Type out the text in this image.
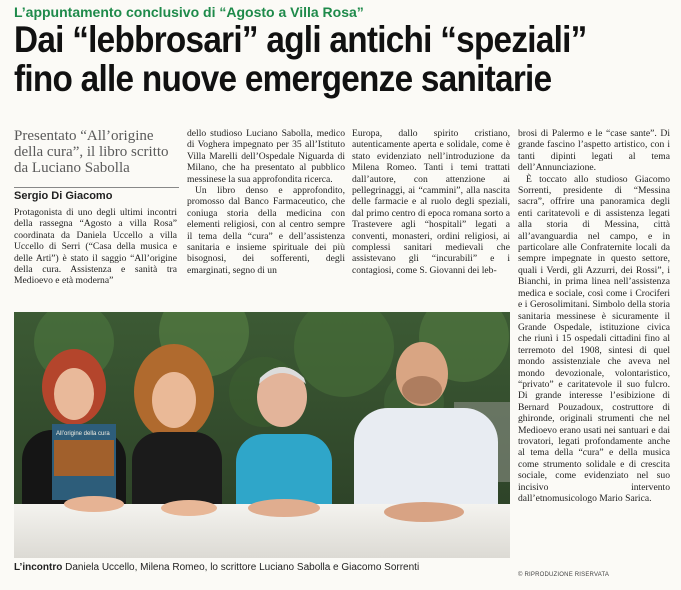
L’appuntamento conclusivo di “Agosto a Villa Rosa”
Dai “lebbrosari” agli antichi “speziali”
fino alle nuove emergenze sanitarie
Presentato “All’origine della cura”, il libro scritto da Luciano Sabolla
Sergio Di Giacomo

Protagonista di uno degli ultimi incontri della rassegna “Agosto a villa Rosa” coordinata da Daniela Uccello a villa Uccello di Serri (“Casa della musica e delle Arti”) è stato il saggio “All’origine della cura. Assistenza e sanità tra Medioevo e età moderna”

dello studioso Luciano Sabolla, medico di Voghera impegnato per 35 all’Istituto Villa Marelli dell’Ospedale Niguarda di Milano, che ha presentato al pubblico messinese la sua approfondita ricerca.

Un libro denso e approfondito, promosso dal Banco Farmaceutico, che coniuga storia della medicina con elementi religiosi, con al centro sempre il tema della “cura” e dell’assistenza sanitaria e insieme spirituale dei più bisognosi, dei sofferenti, degli emarginati, segno di un

Europa, dallo spirito cristiano, autenticamente aperta e solidale, come è stato evidenziato nell’introduzione da Milena Romeo. Tanti i temi trattati dall’autore, con attenzione ai pellegrinaggi, ai “cammini”, alla nascita delle farmacie e al ruolo degli speziali, dal primo centro di epoca romana sorto a Trastevere agli “hospitali” legati a conventi, monasteri, ordini religiosi, ai complessi sanitari medievali che assistevano gli “incurabili” e i contagiosi, come S. Giovanni dei leb-

brosi di Palermo e le “case sante”. Di grande fascino l’aspetto artistico, con i tanti dipinti legati al tema dell’Annunciazione.

È toccato allo studioso Giacomo Sorrenti, presidente di “Messina sacra”, offrire una panoramica degli enti caritatevoli e di assistenza legati alla storia di Messina, città all’avanguardia nel campo, e in particolare alle Confraternite locali da sempre impegnate in questo settore, quali i Verdi, gli Azzurri, dei Rossi”, i Bianchi, in prima linea nell’assistenza medica e sociale, così come i Crociferi e i Gerosolimitani. Simbolo della storia sanitaria messinese è sicuramente il Grande Ospedale, istituzione civica che riunì i 15 ospedali cittadini fino al terremoto del 1908, sintesi di quel mondo assistenziale che aveva nel mondo devozionale, volontaristico, “privato” e caritatevole il suo fulcro. Di grande interesse l’esibizione di Bernard Pouzadoux, costruttore di ghironde, originali strumenti che nel Medioevo erano usati nei santuari e dai trovatori, legati profondamente anche al tema della “cura” e della musica come strumento solidale e di crescita sociale, come evidenziato nel suo incisivo intervento dall’etnomusicologo Mario Sarica.

All’origine della cura
L’incontro Daniela Uccello, Milena Romeo, lo scrittore Luciano Sabolla e Giacomo Sorrenti
© RIPRODUZIONE RISERVATA
